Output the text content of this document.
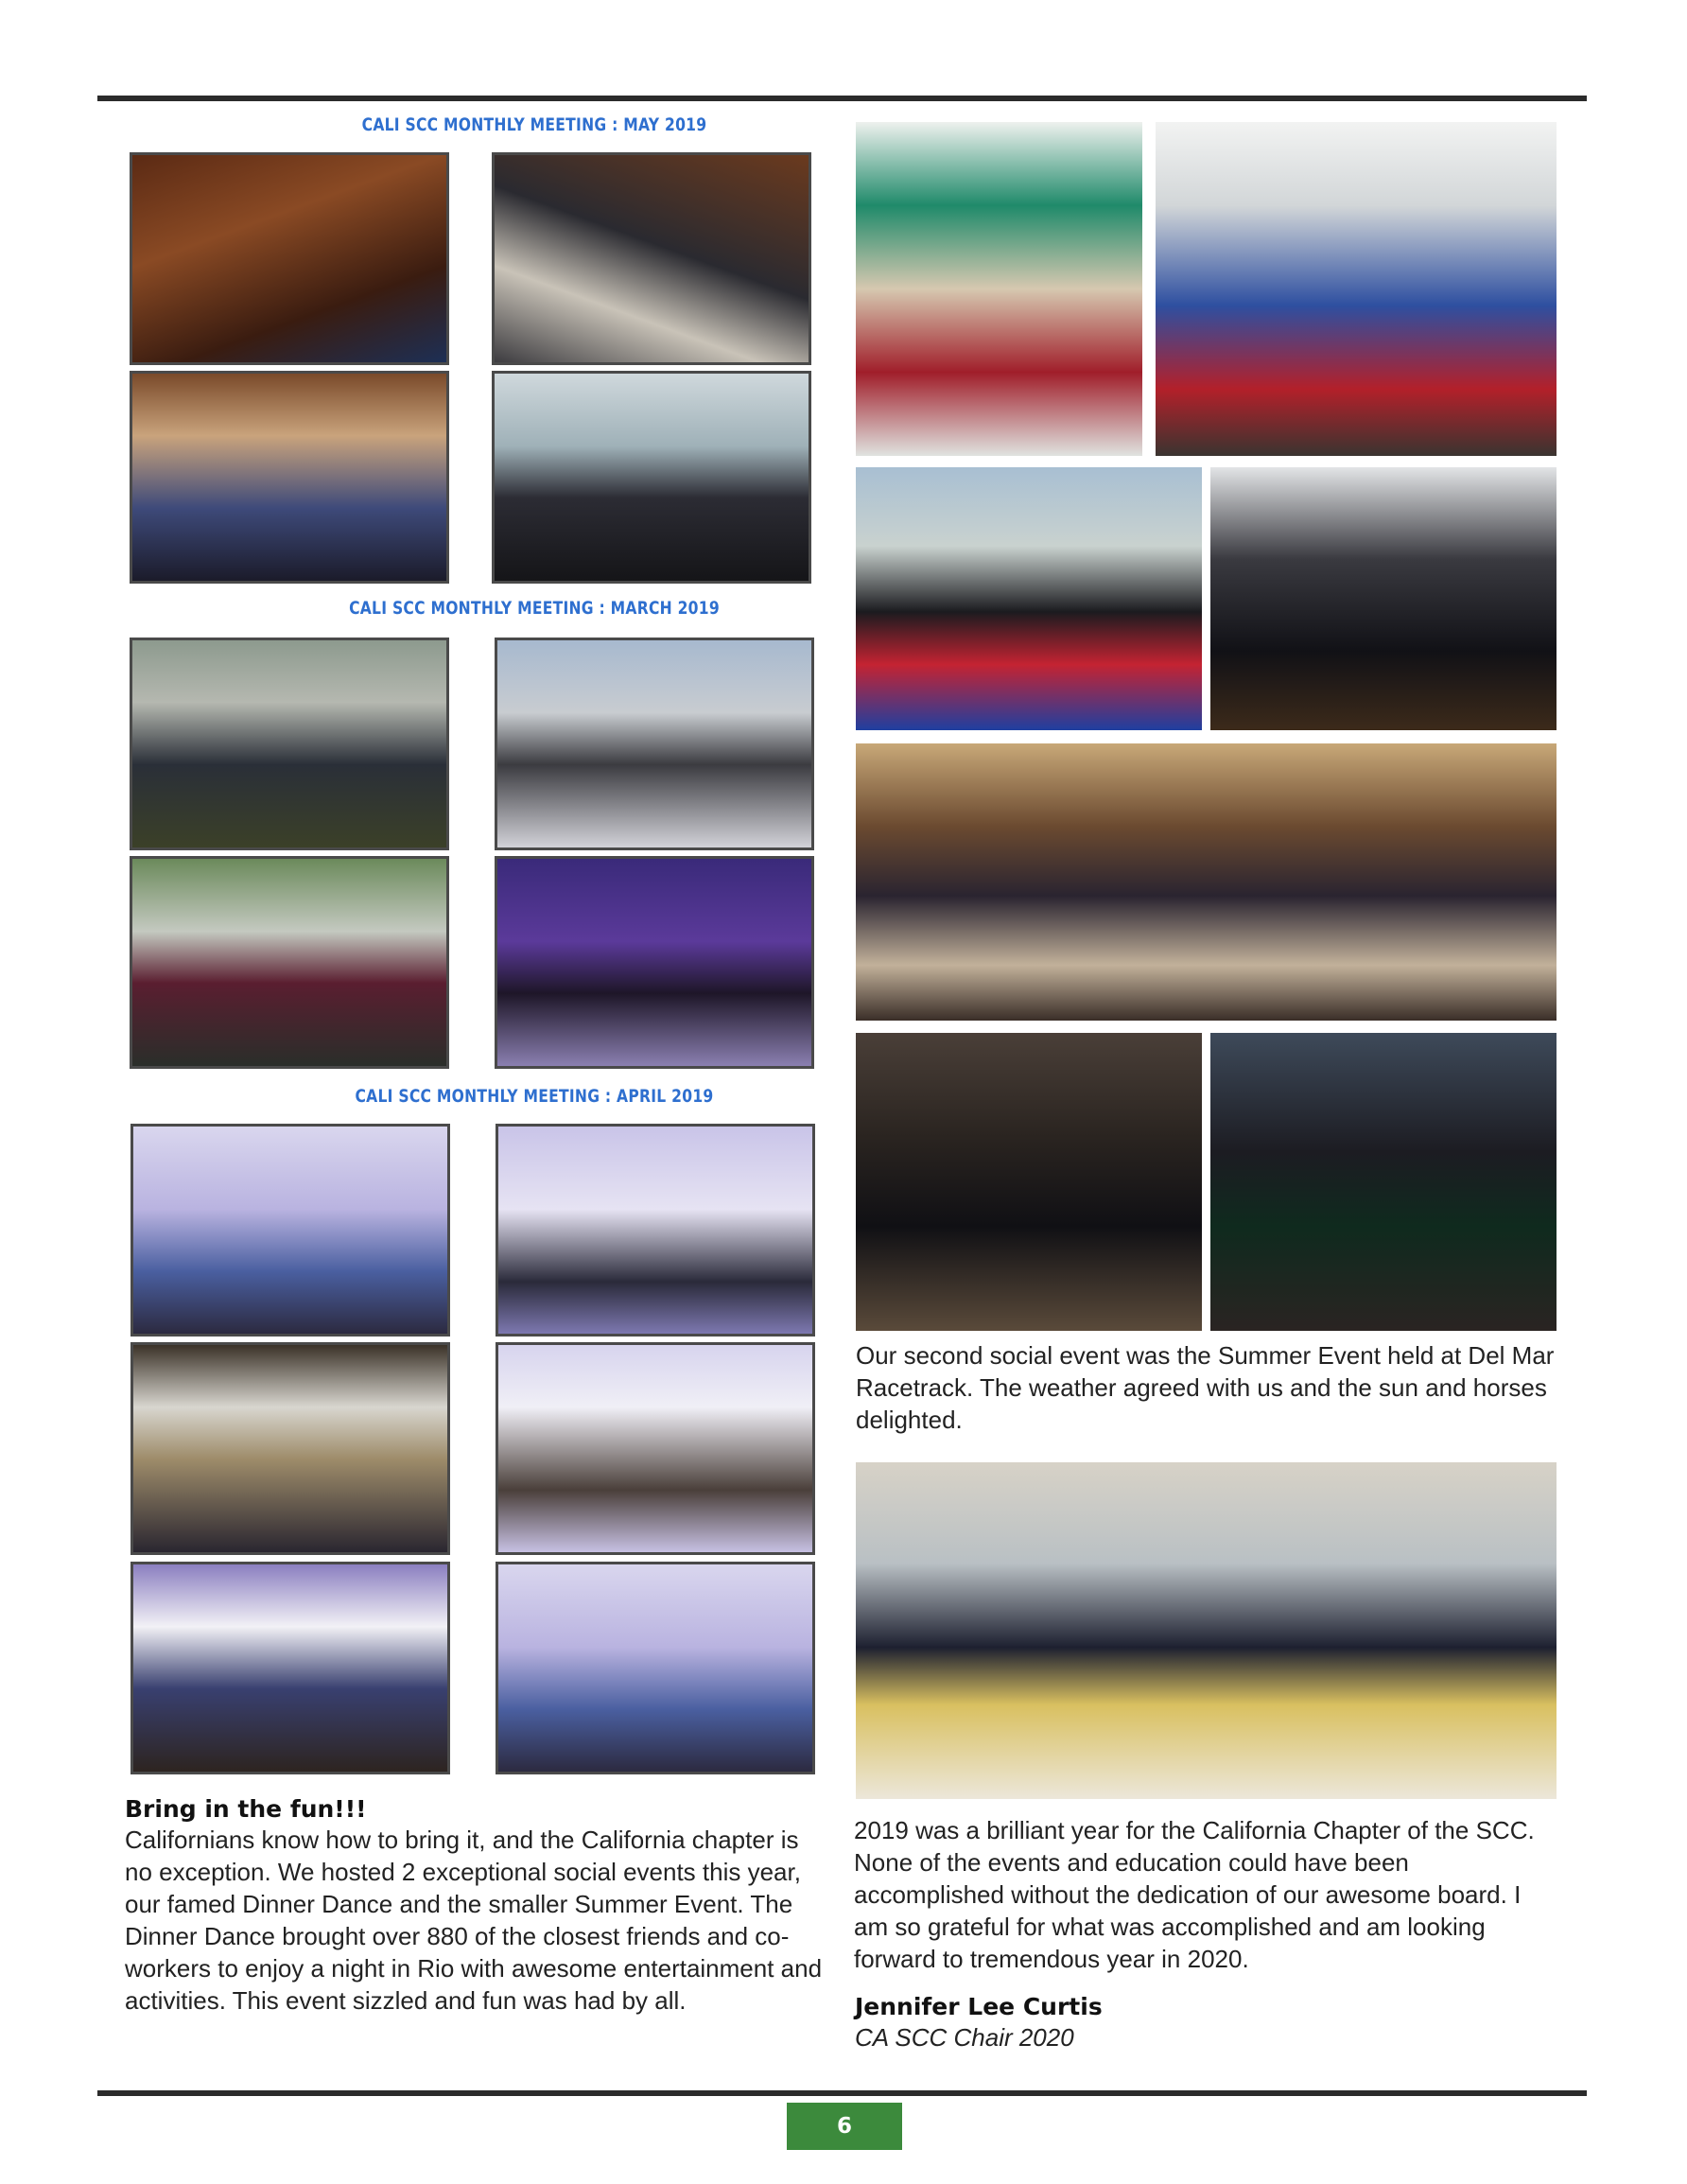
CALI SCC MONTHLY MEETING : MAY 2019
CALI SCC MONTHLY MEETING : MARCH 2019
CALI SCC MONTHLY MEETING : APRIL 2019
Bring in the fun!!!
Californians know how to bring it, and the California chapter is no exception. We hosted 2 exceptional social events this year, our famed Dinner Dance and the smaller Summer Event. The Dinner Dance brought over 880 of the closest friends and co-workers to enjoy a night in Rio with awesome entertainment and activities. This event sizzled and fun was had by all.
Our second social event was the Summer Event held at Del Mar Racetrack. The weather agreed with us and the sun and horses delighted.
2019 was a brilliant year for the California Chapter of the SCC. None of the events and education could have been accomplished without the dedication of our awesome board. I am so grateful for what was accomplished and am looking forward to tremendous year in 2020.
Jennifer Lee Curtis
CA SCC Chair 2020
6
